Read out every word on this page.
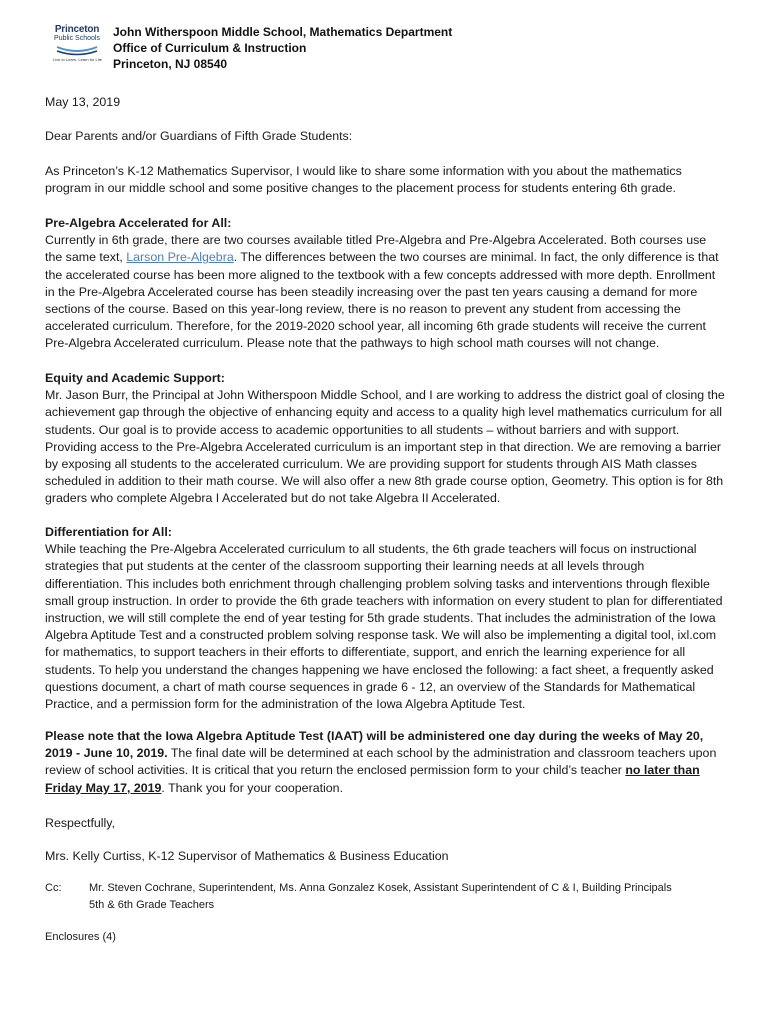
Princeton
Public Schools
Live to Learn, Learn for Life
John Witherspoon Middle School, Mathematics Department
Office of Curriculum & Instruction
Princeton, NJ 08540
May 13, 2019
Dear Parents and/or Guardians of Fifth Grade Students:
As Princeton’s K-12 Mathematics Supervisor, I would like to share some information with you about the mathematics program in our middle school and some positive changes to the placement process for students entering 6th grade.
Pre-Algebra Accelerated for All:
Currently in 6th grade, there are two courses available titled Pre-Algebra and Pre-Algebra Accelerated. Both courses use the same text, Larson Pre-Algebra. The differences between the two courses are minimal. In fact, the only difference is that the accelerated course has been more aligned to the textbook with a few concepts addressed with more depth. Enrollment in the Pre-Algebra Accelerated course has been steadily increasing over the past ten years causing a demand for more sections of the course. Based on this year-long review, there is no reason to prevent any student from accessing the accelerated curriculum. Therefore, for the 2019-2020 school year, all incoming 6th grade students will receive the current Pre-Algebra Accelerated curriculum. Please note that the pathways to high school math courses will not change.
Equity and Academic Support:
Mr. Jason Burr, the Principal at John Witherspoon Middle School, and I are working to address the district goal of closing the achievement gap through the objective of enhancing equity and access to a quality high level mathematics curriculum for all students. Our goal is to provide access to academic opportunities to all students – without barriers and with support. Providing access to the Pre-Algebra Accelerated curriculum is an important step in that direction. We are removing a barrier by exposing all students to the accelerated curriculum. We are providing support for students through AIS Math classes scheduled in addition to their math course. We will also offer a new 8th grade course option, Geometry. This option is for 8th graders who complete Algebra I Accelerated but do not take Algebra II Accelerated.
Differentiation for All:
While teaching the Pre-Algebra Accelerated curriculum to all students, the 6th grade teachers will focus on instructional strategies that put students at the center of the classroom supporting their learning needs at all levels through differentiation. This includes both enrichment through challenging problem solving tasks and interventions through flexible small group instruction. In order to provide the 6th grade teachers with information on every student to plan for differentiated instruction, we will still complete the end of year testing for 5th grade students. That includes the administration of the Iowa Algebra Aptitude Test and a constructed problem solving response task. We will also be implementing a digital tool, ixl.com for mathematics, to support teachers in their efforts to differentiate, support, and enrich the learning experience for all students. To help you understand the changes happening we have enclosed the following: a fact sheet, a frequently asked questions document, a chart of math course sequences in grade 6 - 12, an overview of the Standards for Mathematical Practice, and a permission form for the administration of the Iowa Algebra Aptitude Test.
Please note that the Iowa Algebra Aptitude Test (IAAT) will be administered one day during the weeks of May 20, 2019 - June 10, 2019. The final date will be determined at each school by the administration and classroom teachers upon review of school activities. It is critical that you return the enclosed permission form to your child’s teacher no later than Friday May 17, 2019. Thank you for your cooperation.
Respectfully,
Mrs. Kelly Curtiss, K-12 Supervisor of Mathematics & Business Education
Cc:	Mr. Steven Cochrane, Superintendent, Ms. Anna Gonzalez Kosek, Assistant Superintendent of C & I, Building Principals
5th & 6th Grade Teachers
Enclosures (4)
